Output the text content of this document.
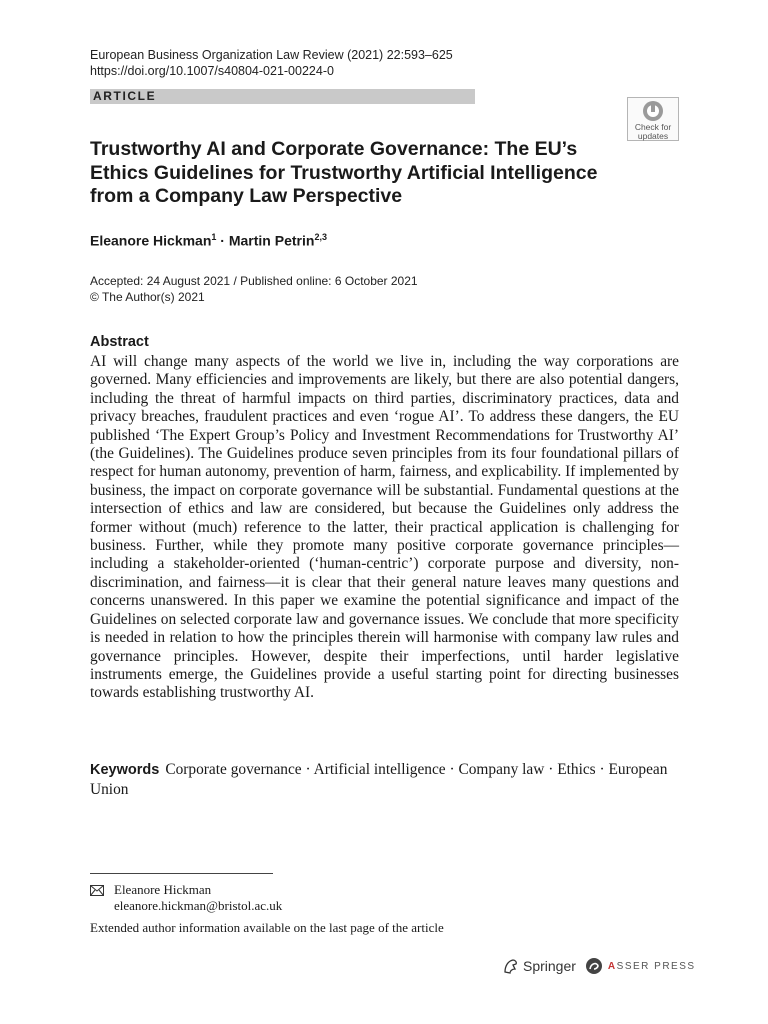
European Business Organization Law Review (2021) 22:593–625
https://doi.org/10.1007/s40804-021-00224-0
ARTICLE
Check for
updates
Trustworthy AI and Corporate Governance: The EU’s Ethics Guidelines for Trustworthy Artificial Intelligence from a Company Law Perspective
Eleanore Hickman$^1$ · Martin Petrin$^{2,3}$
Accepted: 24 August 2021 / Published online: 6 October 2021
© The Author(s) 2021
Abstract

AI will change many aspects of the world we live in, including the way corporations are governed. Many efficiencies and improvements are likely, but there are also potential dangers, including the threat of harmful impacts on third parties, discriminatory practices, data and privacy breaches, fraudulent practices and even ‘rogue AI’. To address these dangers, the EU published ‘The Expert Group’s Policy and Investment Recommendations for Trustworthy AI’ (the Guidelines). The Guidelines produce seven principles from its four foundational pillars of respect for human autonomy, prevention of harm, fairness, and explicability. If implemented by business, the impact on corporate governance will be substantial. Fundamental questions at the intersection of ethics and law are considered, but because the Guidelines only address the former without (much) reference to the latter, their practical application is challenging for business. Further, while they promote many positive corporate governance principles—including a stakeholder-oriented (‘human-centric’) corporate purpose and diversity, non-discrimination, and fairness—it is clear that their general nature leaves many questions and concerns unanswered. In this paper we examine the potential significance and impact of the Guidelines on selected corporate law and governance issues. We conclude that more specificity is needed in relation to how the principles therein will harmonise with company law rules and governance principles. However, despite their imperfections, until harder legislative instruments emerge, the Guidelines provide a useful starting point for directing businesses towards establishing trustworthy AI.

Keywords Corporate governance · Artificial intelligence · Company law · Ethics · European Union
Eleanore Hickman
eleanore.hickman@bristol.ac.uk
Extended author information available on the last page of the article
Springer	ASSER PRESS
